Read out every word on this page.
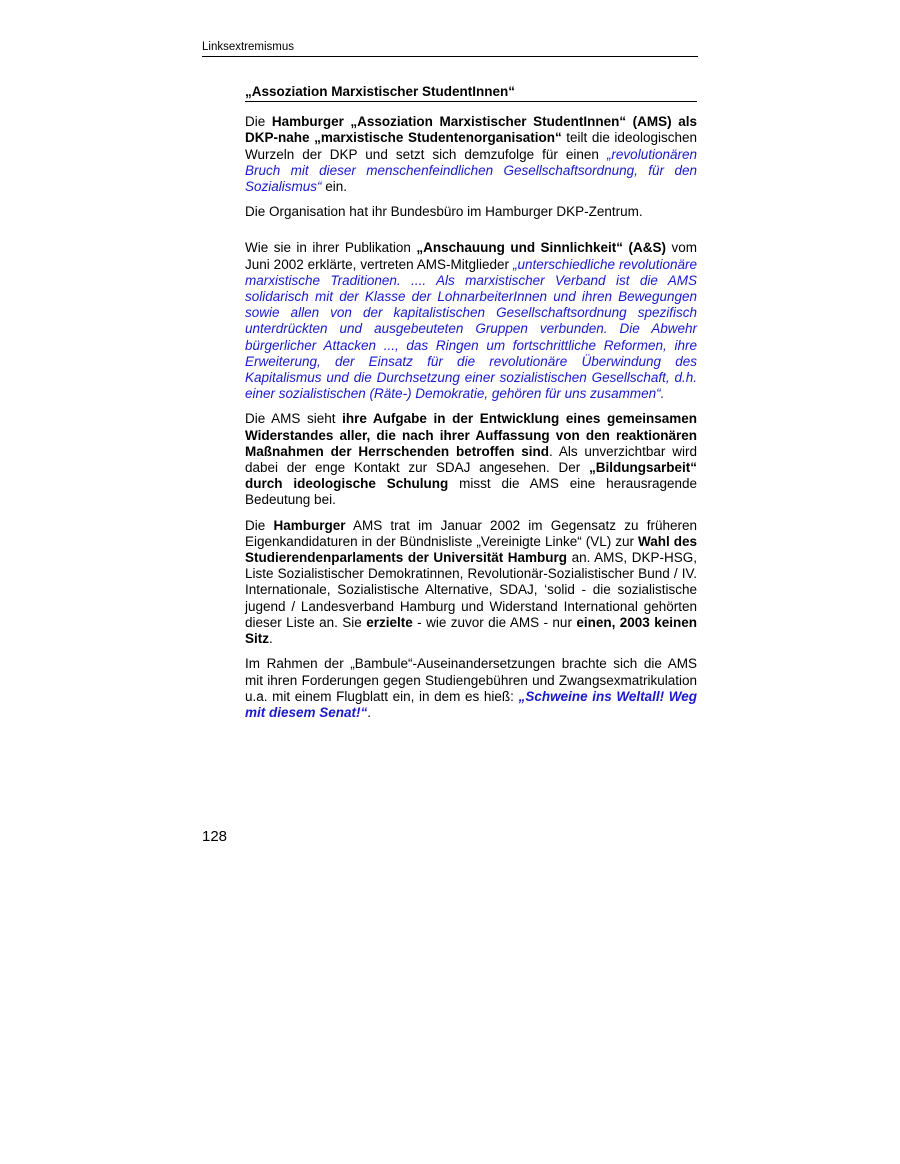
Linksextremismus
„Assoziation Marxistischer StudentInnen“

Die Hamburger „Assoziation Marxistischer StudentInnen“ (AMS) als DKP-nahe „marxistische Studentenorganisation“ teilt die ideologischen Wurzeln der DKP und setzt sich demzufolge für einen „revolutionären Bruch mit dieser menschenfeindlichen Gesellschaftsordnung, für den Sozialismus“ ein.

Die Organisation hat ihr Bundesbüro im Hamburger DKP-Zentrum.

Wie sie in ihrer Publikation „Anschauung und Sinnlichkeit“ (A&S) vom Juni 2002 erklärte, vertreten AMS-Mitglieder „unterschiedliche revolutionäre marxistische Traditionen. .... Als marxistischer Verband ist die AMS solidarisch mit der Klasse der LohnarbeiterInnen und ihren Bewegungen sowie allen von der kapitalistischen Gesellschaftsordnung spezifisch unterdrückten und ausgebeuteten Gruppen verbunden. Die Abwehr bürgerlicher Attacken ..., das Ringen um fortschrittliche Reformen, ihre Erweiterung, der Einsatz für die revolutionäre Überwindung des Kapitalismus und die Durchsetzung einer sozialistischen Gesellschaft, d.h. einer sozialistischen (Räte-) Demokratie, gehören für uns zusammen“.

Die AMS sieht ihre Aufgabe in der Entwicklung eines gemeinsamen Widerstandes aller, die nach ihrer Auffassung von den reaktionären Maßnahmen der Herrschenden betroffen sind. Als unverzichtbar wird dabei der enge Kontakt zur SDAJ angesehen. Der „Bildungsarbeit“ durch ideologische Schulung misst die AMS eine herausragende Bedeutung bei.

Die Hamburger AMS trat im Januar 2002 im Gegensatz zu früheren Eigenkandidaturen in der Bündnisliste „Vereinigte Linke“ (VL) zur Wahl des Studierendenparlaments der Universität Hamburg an. AMS, DKP-HSG, Liste Sozialistischer Demokratinnen, Revolutionär-Sozialistischer Bund / IV. Internationale, Sozialistische Alternative, SDAJ, ‘solid - die sozialistische jugend / Landesverband Hamburg und Widerstand International gehörten dieser Liste an. Sie erzielte - wie zuvor die AMS - nur einen, 2003 keinen Sitz.

Im Rahmen der „Bambule“-Auseinandersetzungen brachte sich die AMS mit ihren Forderungen gegen Studiengebühren und Zwangsexmatrikulation u.a. mit einem Flugblatt ein, in dem es hieß: „Schweine ins Weltall! Weg mit diesem Senat!“.

128
